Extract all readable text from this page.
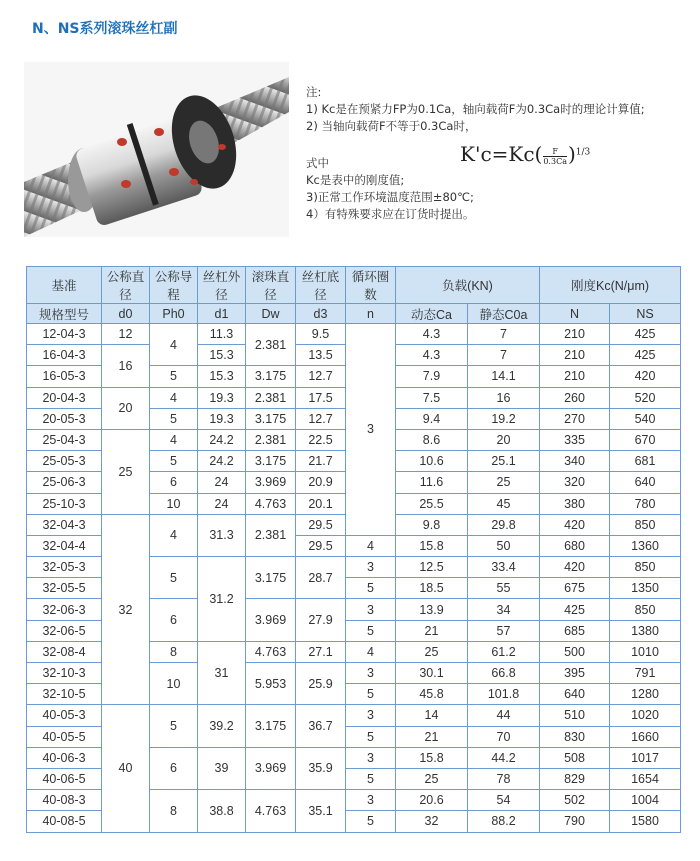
N、NS系列滚珠丝杠副
注:
1) Kc是在预紧力FP为0.1Ca，轴向载荷F为0.3Ca时的理论计算值;
2) 当轴向载荷F不等于0.3Ca时，
式中
Kc是表中的刚度值;
3)正常工作环境温度范围±80℃;
4）有特殊要求应在订货时提出。
$K'c=Kc( \frac{F}{0.3Ca} )^{1/3}$
基准	公称直径	公称导程	丝杠外径	滚珠直径	丝杠底径	循环圈数	负载(KN)		刚度Kc(N/μm)	

规格型号	d0	Ph0	d1	Dw	d3	n	动态Ca	静态C0a	N	NS
12-04-3	12	4	11.3	2.381	9.5	3	4.3	7	210	425
16-04-3	16		15.3		13.5		4.3	7	210	425
16-05-3		5	15.3	3.175	12.7		7.9	14.1	210	420
20-04-3	20	4	19.3	2.381	17.5		7.5	16	260	520
20-05-3		5	19.3	3.175	12.7		9.4	19.2	270	540
25-04-3	25	4	24.2	2.381	22.5		8.6	20	335	670
25-05-3		5	24.2	3.175	21.7		10.6	25.1	340	681
25-06-3		6	24	3.969	20.9		11.6	25	320	640
25-10-3		10	24	4.763	20.1		25.5	45	380	780
32-04-3	32	4	31.3	2.381	29.5		9.8	29.8	420	850
32-04-4					29.5	4	15.8	50	680	1360
32-05-3		5	31.2	3.175	28.7	3	12.5	33.4	420	850
32-05-5						5	18.5	55	675	1350
32-06-3		6		3.969	27.9	3	13.9	34	425	850
32-06-5						5	21	57	685	1380
32-08-4		8	31	4.763	27.1	4	25	61.2	500	1010
32-10-3		10		5.953	25.9	3	30.1	66.8	395	791
32-10-5						5	45.8	101.8	640	1280
40-05-3	40	5	39.2	3.175	36.7	3	14	44	510	1020
40-05-5						5	21	70	830	1660
40-06-3		6	39	3.969	35.9	3	15.8	44.2	508	1017
40-06-5						5	25	78	829	1654
40-08-3		8	38.8	4.763	35.1	3	20.6	54	502	1004
40-08-5						5	32	88.2	790	1580
